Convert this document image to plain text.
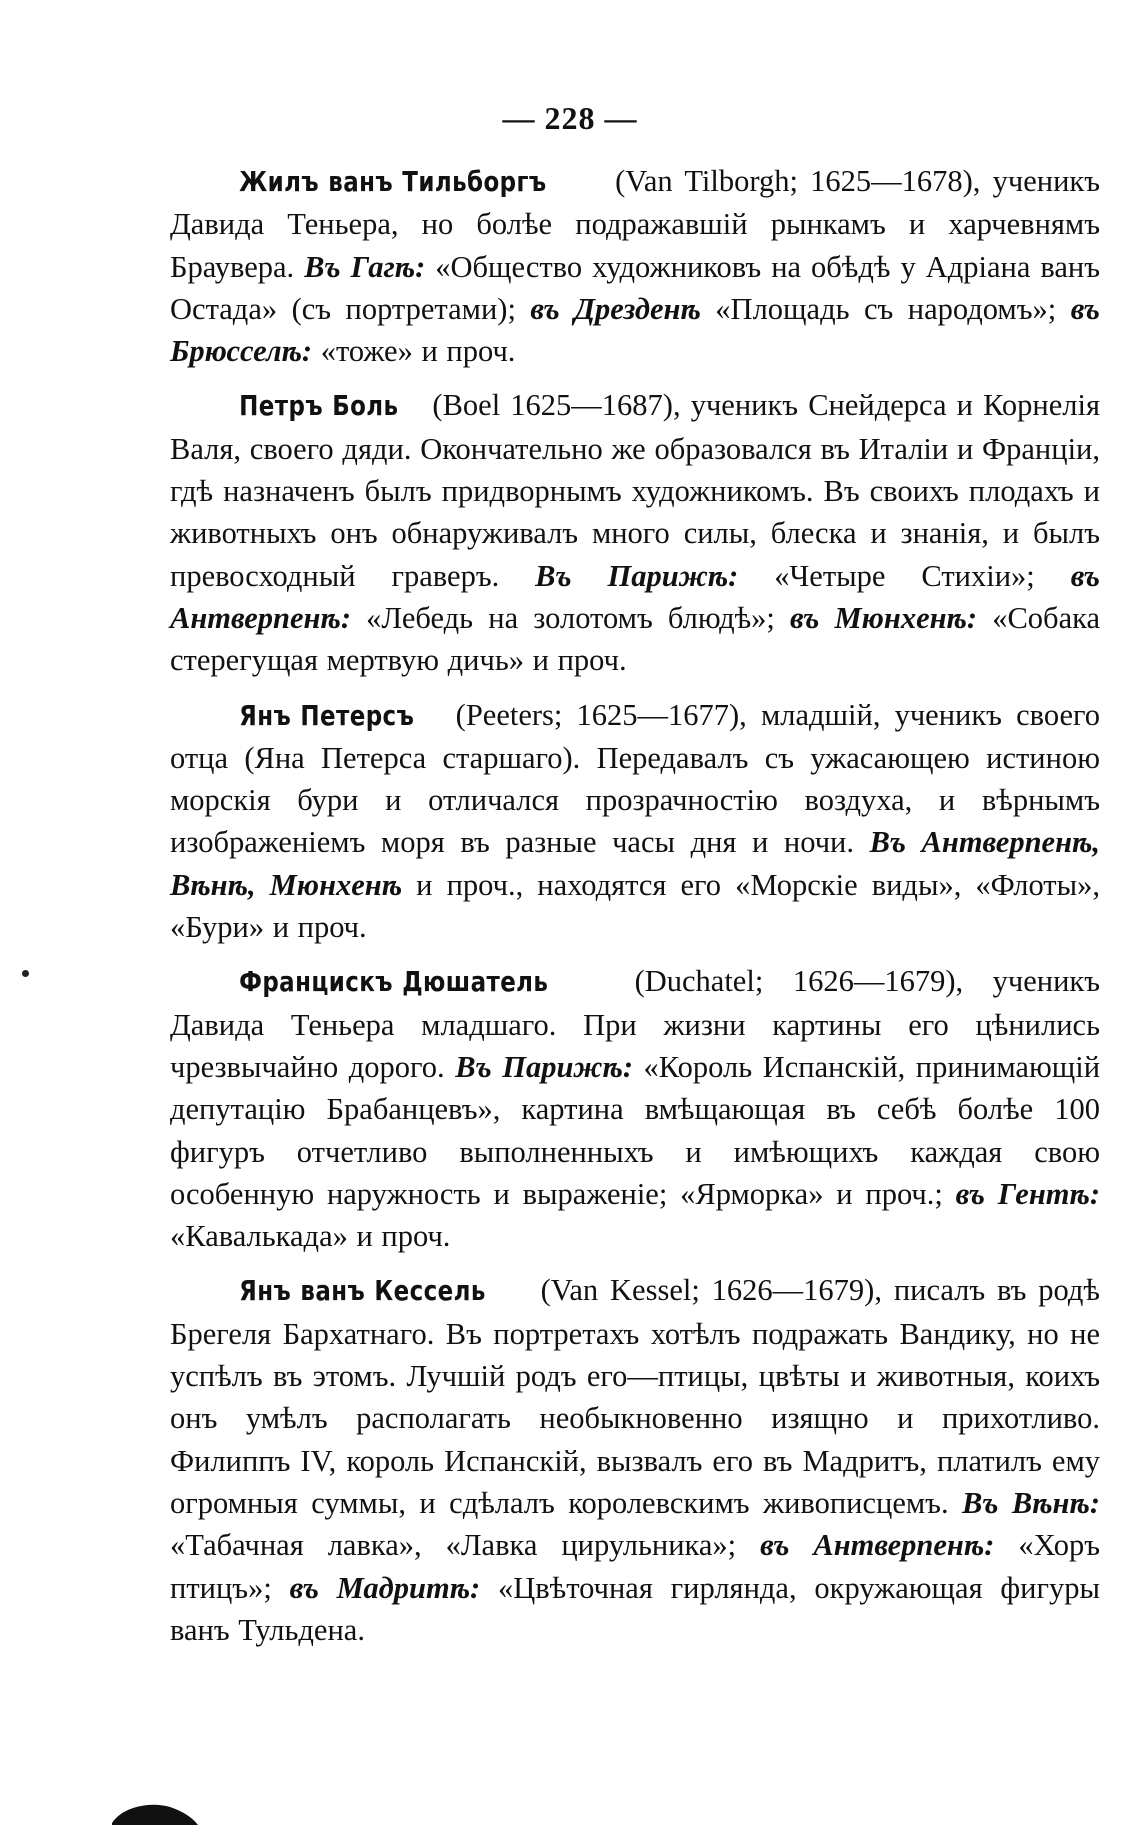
— 228 —

Жилъ ванъ Тильборгъ (Van Tilborgh; 1625—1678), ученикъ Давида Теньера, но болѣе подражавшій рынкамъ и харчевнямъ Браувера. Въ Гагѣ: «Общество художниковъ на обѣдѣ у Адріана ванъ Остада» (съ портретами); въ Дрезденѣ «Площадь съ народомъ»; въ Брюсселѣ: «тоже» и проч.

Петръ Боль (Boel 1625—1687), ученикъ Снейдерса и Корнелія Валя, своего дяди. Окончательно же образовался въ Италіи и Франціи, гдѣ назначенъ былъ придворнымъ художникомъ. Въ своихъ плодахъ и животныхъ онъ обнаруживалъ много силы, блеска и знанія, и былъ превосходный граверъ. Въ Парижѣ: «Четыре Стихіи»; въ Антверпенѣ: «Лебедь на золотомъ блюдѣ»; въ Мюнхенѣ: «Собака стерегущая мертвую дичь» и проч.

Янъ Петерсъ (Peeters; 1625—1677), младшій, ученикъ своего отца (Яна Петерса старшаго). Передавалъ съ ужасающею истиною морскія бури и отличался прозрачностію воздуха, и вѣрнымъ изображеніемъ моря въ разные часы дня и ночи. Въ Антверпенѣ, Вѣнѣ, Мюнхенѣ и проч., находятся его «Морскіе виды», «Флоты», «Бури» и проч.

Францискъ Дюшатель (Duchatel; 1626—1679), ученикъ Давида Теньера младшаго. При жизни картины его цѣнились чрезвычайно дорого. Въ Парижѣ: «Король Испанскій, принимающій депутацію Брабанцевъ», картина вмѣщающая въ себѣ болѣе 100 фигуръ отчетливо выполненныхъ и имѣющихъ каждая свою особенную наружность и выраженіе; «Ярморка» и проч.; въ Гентѣ: «Кавалькада» и проч.

Янъ ванъ Кессель (Van Kessel; 1626—1679), писалъ въ родѣ Брегеля Бархатнаго. Въ портретахъ хотѣлъ подражать Вандику, но не успѣлъ въ этомъ. Лучшій родъ его—птицы, цвѣты и животныя, коихъ онъ умѣлъ располагать необыкновенно изящно и прихотливо. Филиппъ IV, король Испанскій, вызвалъ его въ Мадритъ, платилъ ему огромныя суммы, и сдѣлалъ королевскимъ живописцемъ. Въ Вѣнѣ: «Табачная лавка», «Лавка цирульника»; въ Антверпенѣ: «Хоръ птицъ»; въ Мадритѣ: «Цвѣточная гирлянда, окружающая фигуры ванъ Тульдена.
